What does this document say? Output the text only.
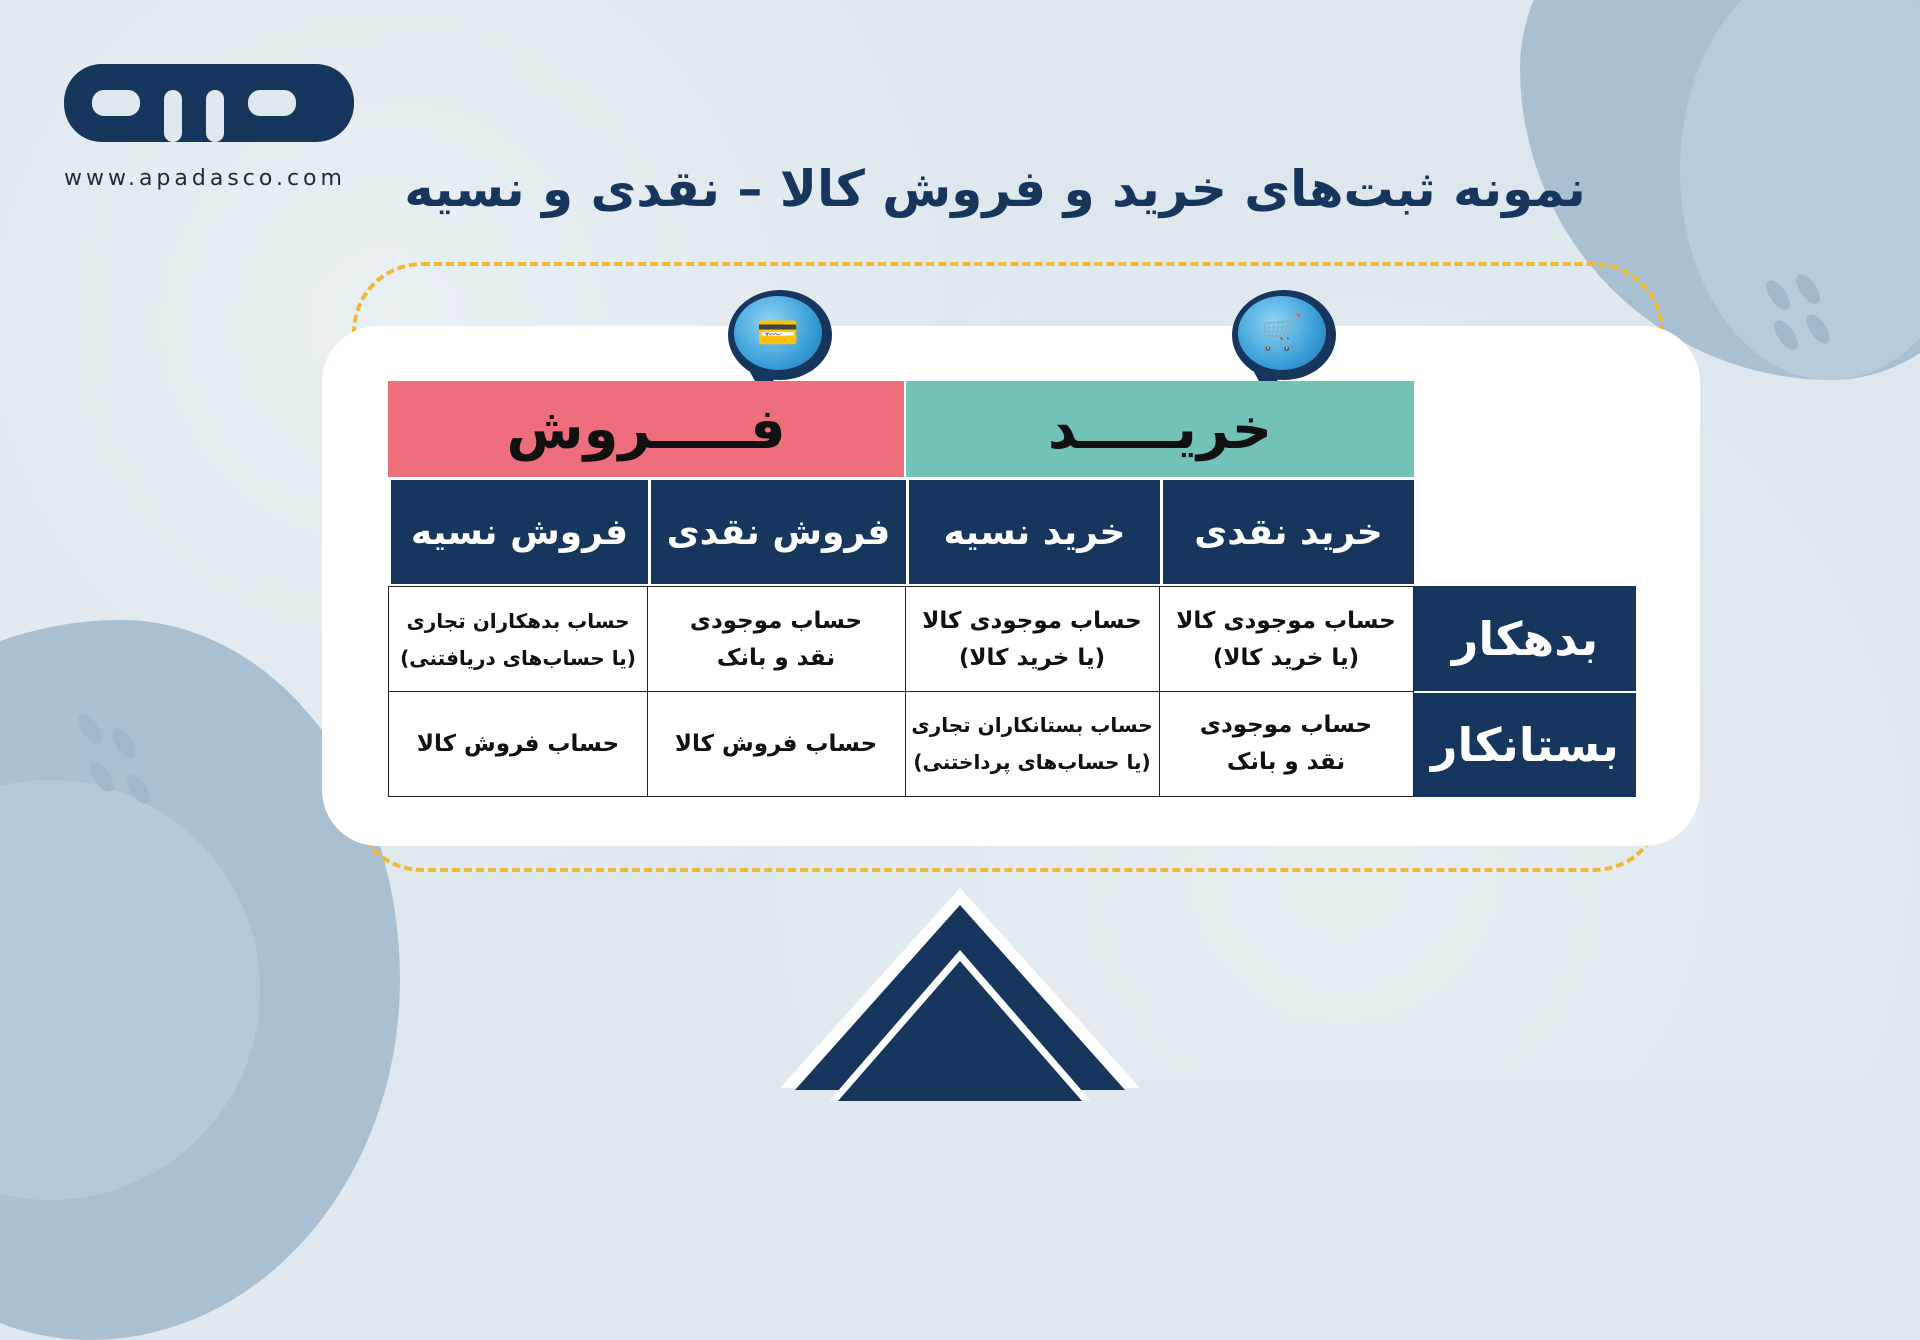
www.apadasco.com	نمونه ثبت‌های خرید و فروش کالا – نقدی و نسیه
🛒
💳
خریـــــد
فـــــروش
خرید نقدی
خرید نسیه
فروش نقدی
فروش نسیه
بدهکار
بستانکار
حساب موجودی کالا
(یا خرید کالا)
حساب موجودی کالا
(یا خرید کالا)
حساب موجودی
نقد و بانک
حساب بدهکاران تجاری
(یا حساب‌های دریافتنی)
حساب موجودی
نقد و بانک
حساب بستانکاران تجاری
(یا حساب‌های پرداختنی)
حساب فروش کالا
حساب فروش کالا
